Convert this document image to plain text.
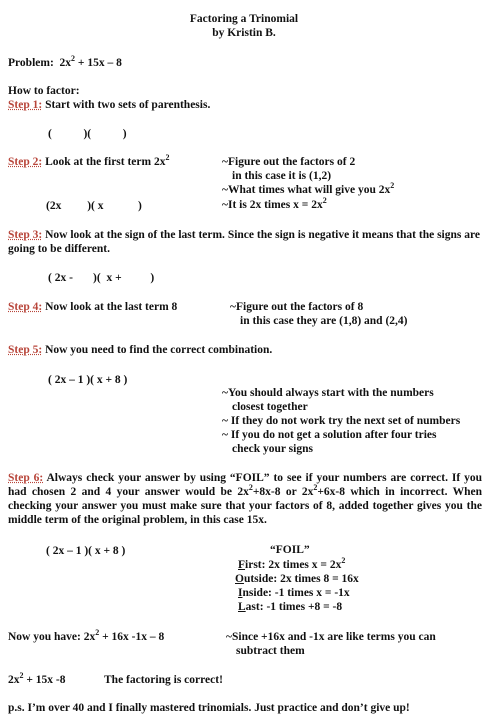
Factoring a Trinomial
by Kristin B.
Problem: $2x^2 + 15x - 8$
How to factor:
Step 1: Start with two sets of parenthesis.
(           )(           )
Step 2: Look at the first term $2x^2$	~Figure out the factors of 2
in this case it is (1,2)
~What times what will give you $2x^2$
~It is 2x times $x = 2x^2$
(2x         )( x            )
Step 3: Now look at the sign of the last term. Since the sign is negative it means that the signs are going to be different.
( 2x -       )(  x +          )
Step 4: Now look at the last term 8	~Figure out the factors of 8
in this case they are (1,8) and (2,4)
Step 5: Now you need to find the correct combination.
( 2x – 1 )( x + 8 )
~You should always start with the numbers
closest together
~ If they do not work try the next set of numbers
~ If you do not get a solution after four tries
check your signs
Step 6: Always check your answer by using “FOIL” to see if your numbers are correct. If you had chosen 2 and 4 your answer would be $2x^2+8x-8$ or $2x^2+6x-8$ which in incorrect. When checking your answer you must make sure that your factors of 8, added together gives you the middle term of the original problem, in this case 15x.
( 2x – 1 )( x + 8 )	“FOIL”
First: 2x times $x = 2x^2$
Outside: 2x times 8 = 16x
Inside: -1 times x = -1x
Last: -1 times +8 = -8
Now you have: $2x^2 + 16x$ -1x – 8	~Since +16x and -1x are like terms you can
subtract them
$2x^2 + 15x$ -8	The factoring is correct!
p.s. I’m over 40 and I finally mastered trinomials. Just practice and don’t give up!
